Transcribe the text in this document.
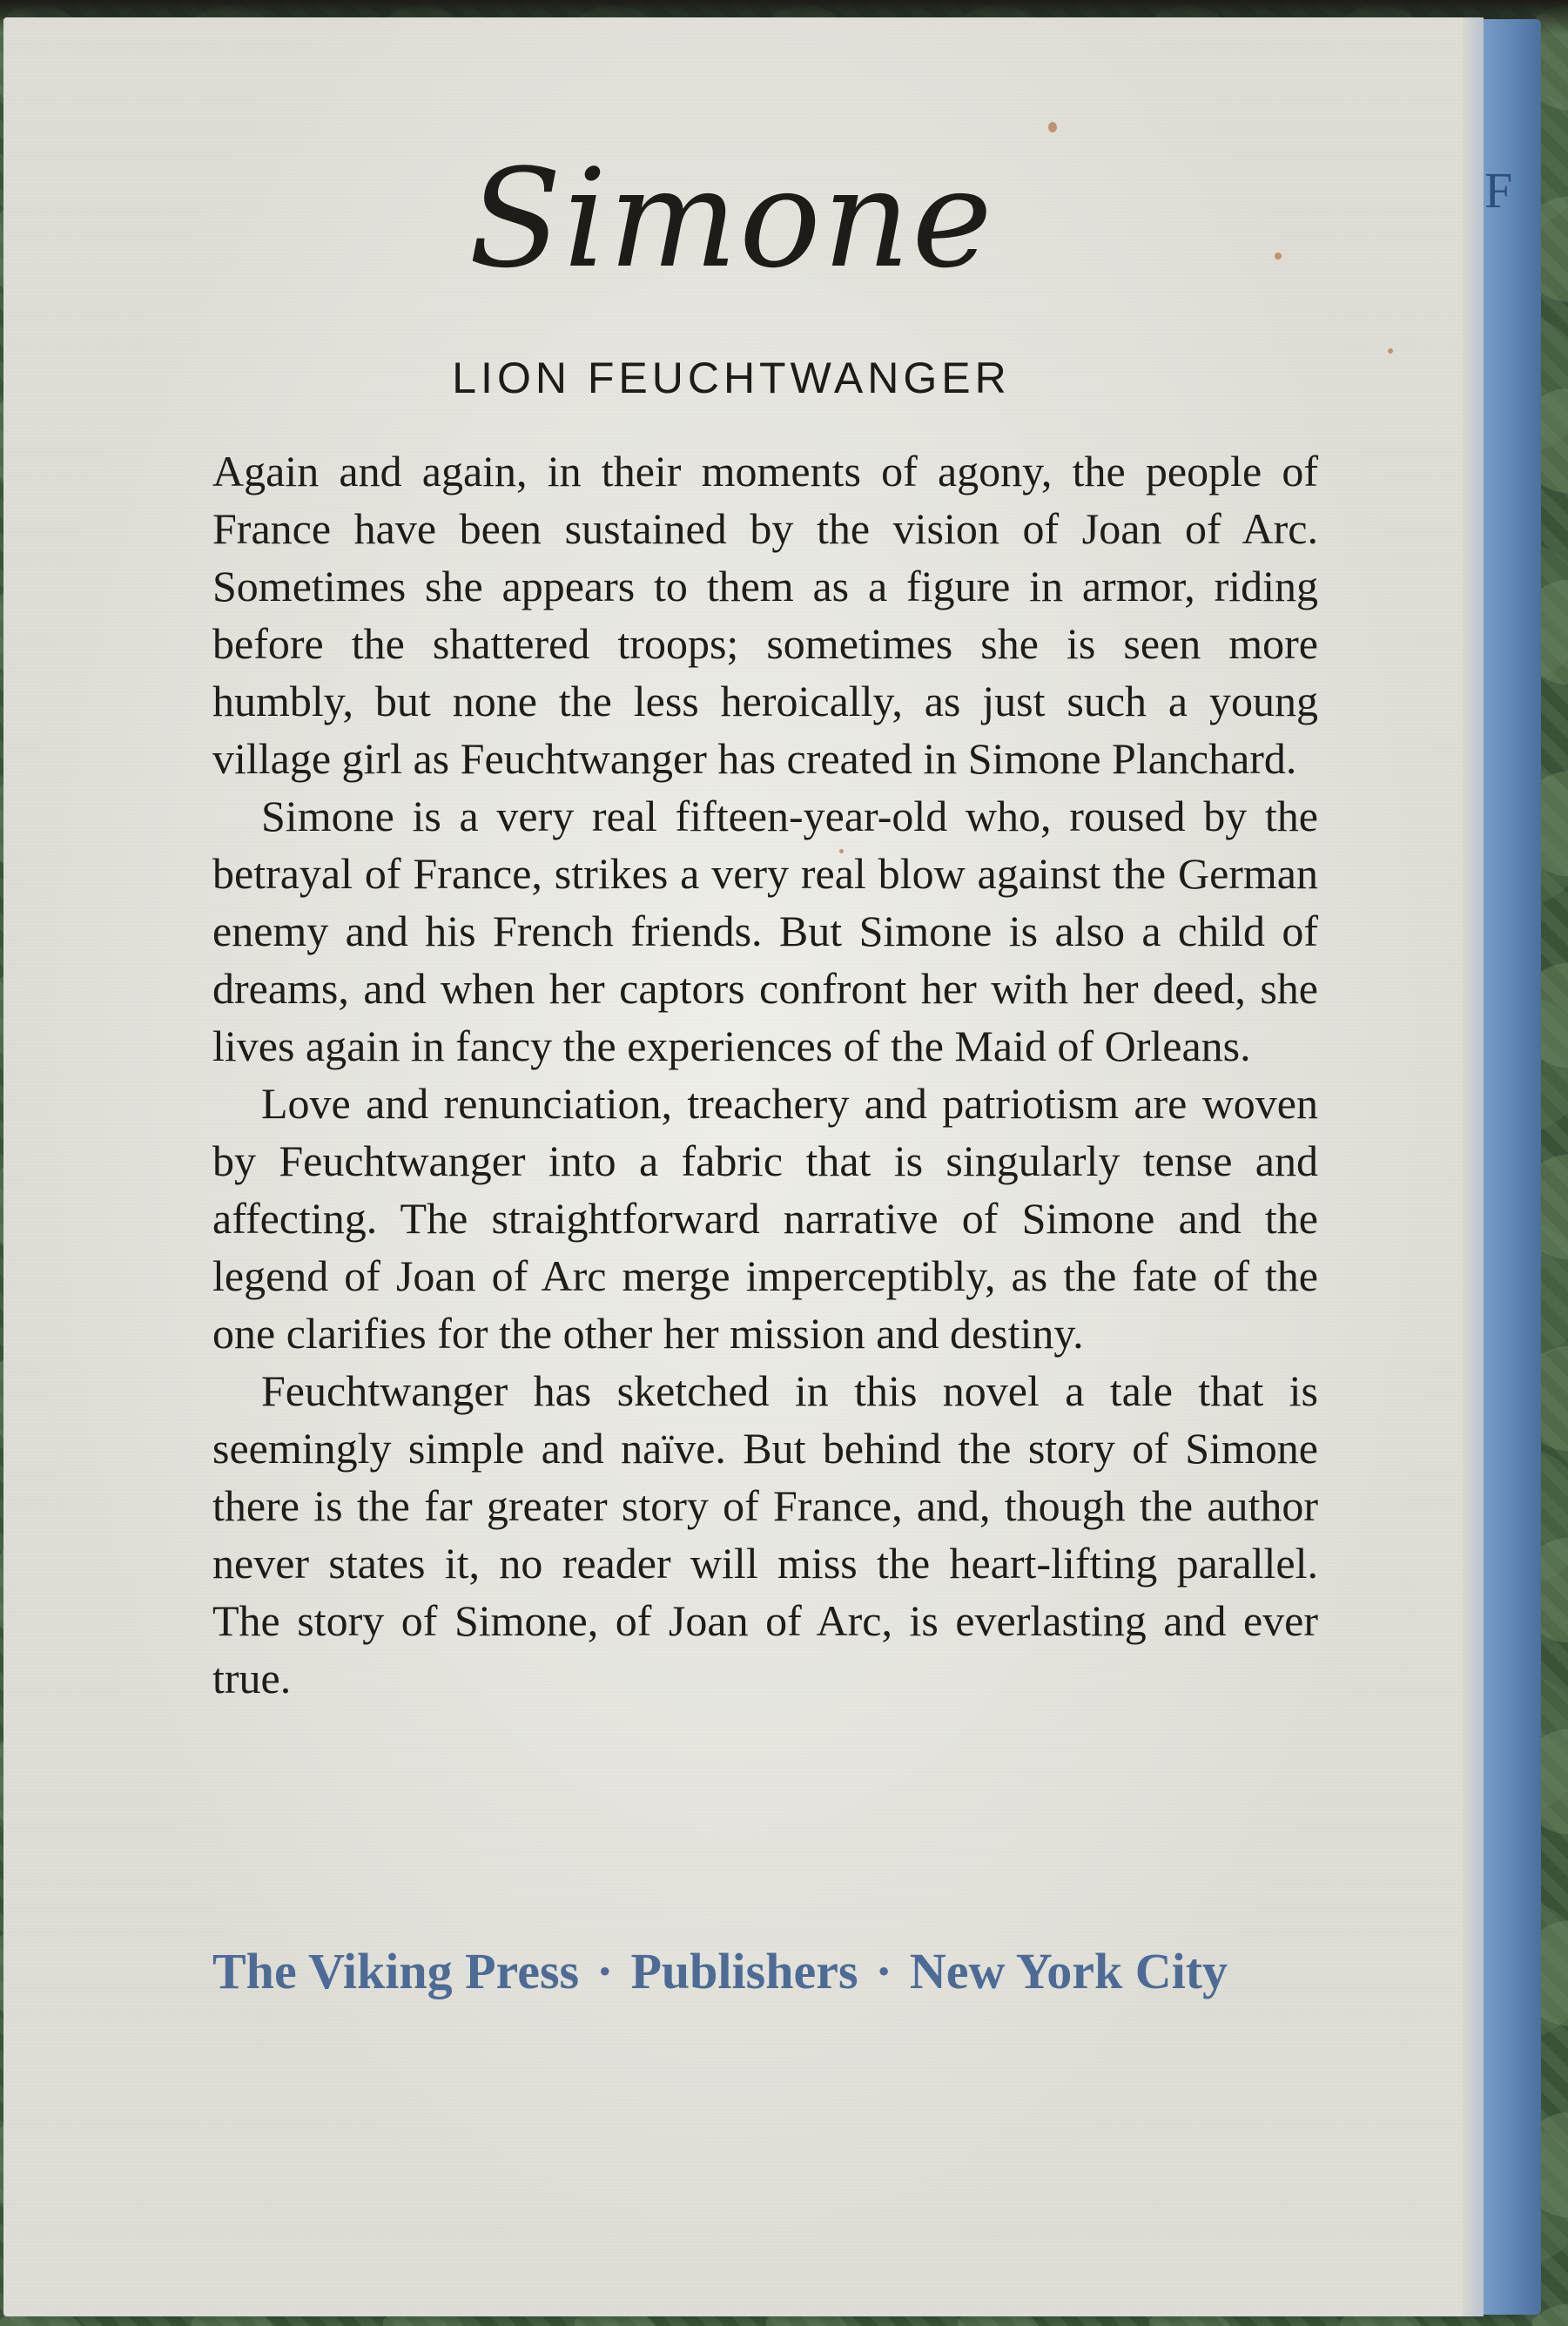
F
Simone
LION FEUCHTWANGER

Again and again, in their moments of agony, the people of France have been sustained by the vision of Joan of Arc. Sometimes she appears to them as a figure in armor, riding before the shattered troops; sometimes she is seen more humbly, but none the less heroically, as just such a young village girl as Feuchtwanger has created in Simone Planchard.

Simone is a very real fifteen-year-old who, roused by the betrayal of France, strikes a very real blow against the German enemy and his French friends. But Simone is also a child of dreams, and when her captors confront her with her deed, she lives again in fancy the experiences of the Maid of Orleans.

Love and renunciation, treachery and patriotism are woven by Feuchtwanger into a fabric that is singularly tense and affecting. The straightforward narrative of Simone and the legend of Joan of Arc merge imperceptibly, as the fate of the one clarifies for the other her mission and destiny.

Feuchtwanger has sketched in this novel a tale that is seemingly simple and naïve. But behind the story of Simone there is the far greater story of France, and, though the author never states it, no reader will miss the heart-lifting parallel. The story of Simone, of Joan of Arc, is everlasting and ever true.

The Viking Press · Publishers · New York City
